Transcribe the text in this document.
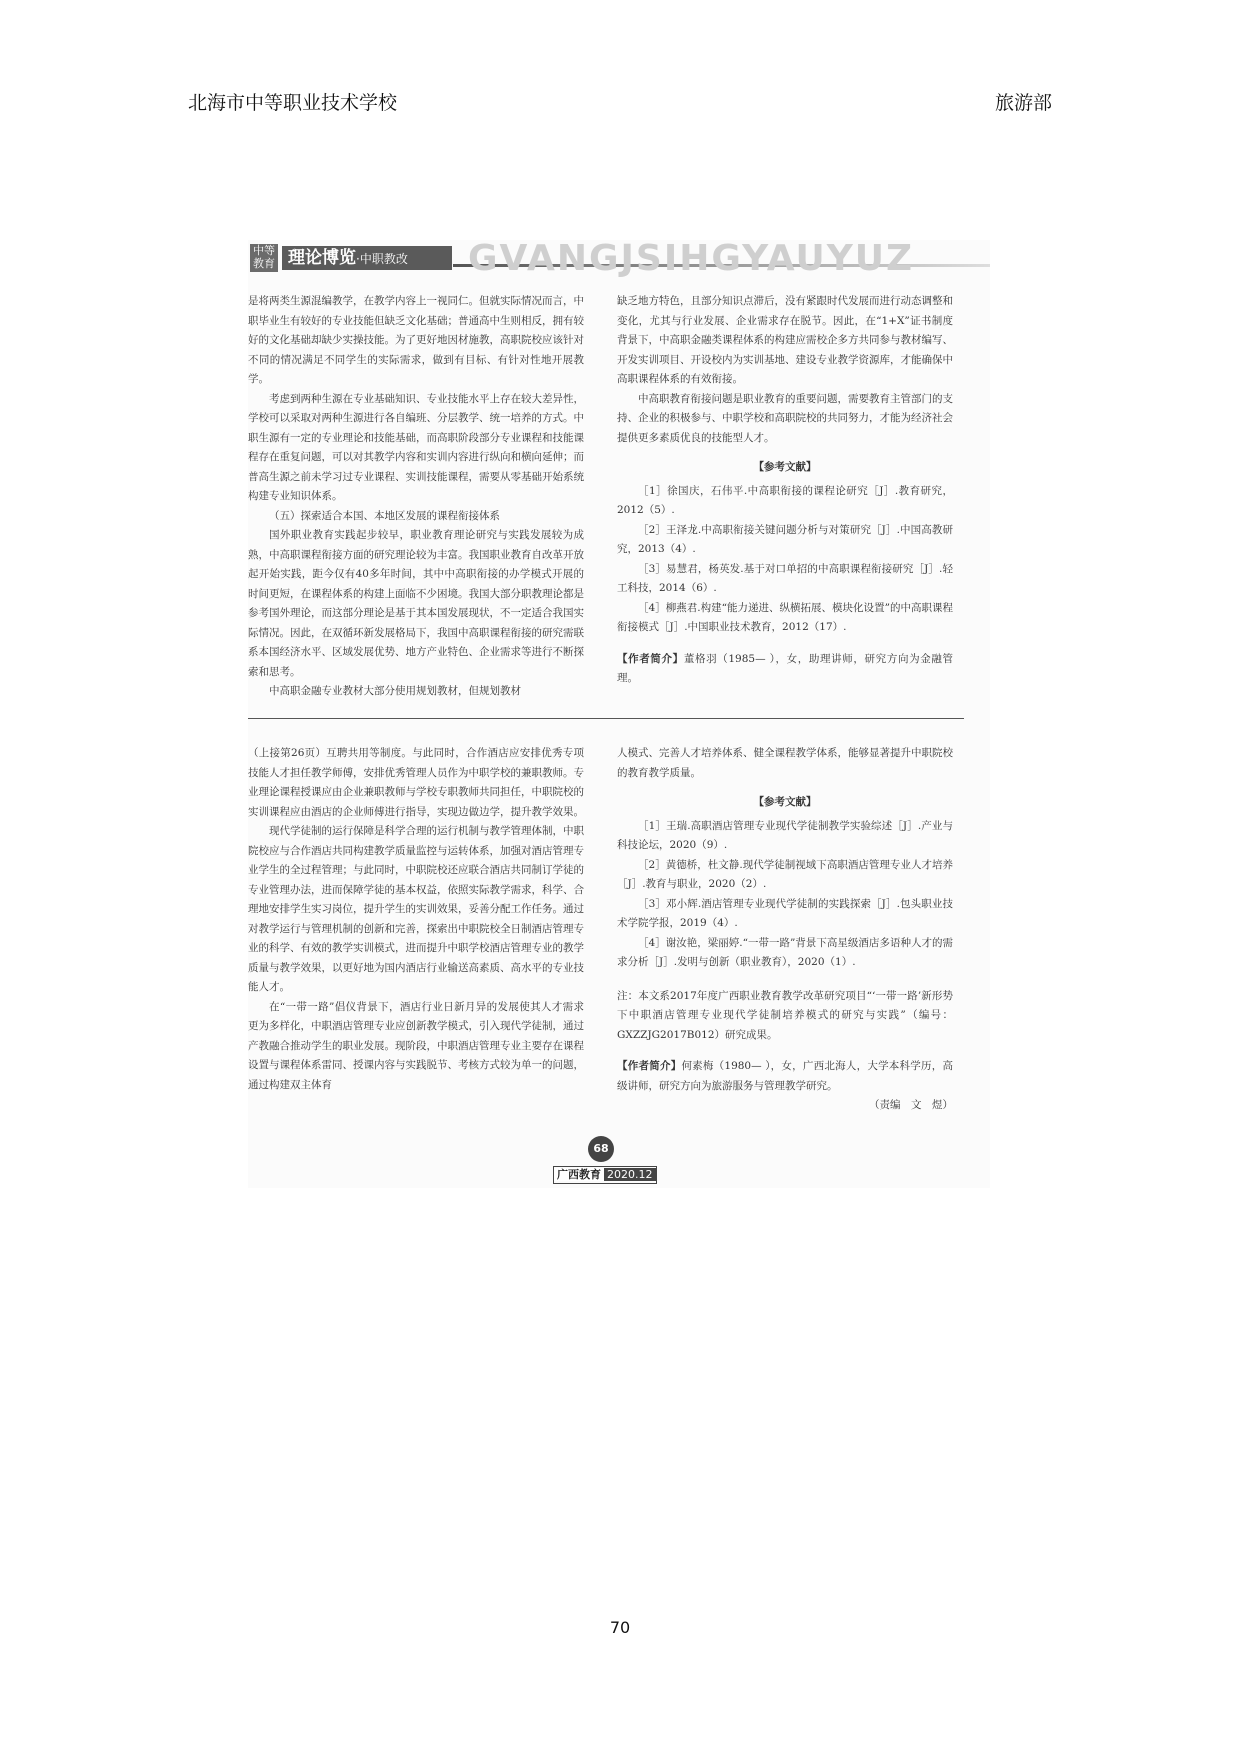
北海市中等职业技术学校	旅游部
中等 教育 理论博览·中职教改	GVANGJSIHGYAUYUZ

是将两类生源混编教学，在教学内容上一视同仁。但就实际情况而言，中职毕业生有较好的专业技能但缺乏文化基础；普通高中生则相反，拥有较好的文化基础却缺少实操技能。为了更好地因材施教，高职院校应该针对不同的情况满足不同学生的实际需求，做到有目标、有针对性地开展教学。

考虑到两种生源在专业基础知识、专业技能水平上存在较大差异性，学校可以采取对两种生源进行各自编班、分层教学、统一培养的方式。中职生源有一定的专业理论和技能基础，而高职阶段部分专业课程和技能课程存在重复问题，可以对其教学内容和实训内容进行纵向和横向延伸；而普高生源之前未学习过专业课程、实训技能课程，需要从零基础开始系统构建专业知识体系。

（五）探索适合本国、本地区发展的课程衔接体系

国外职业教育实践起步较早，职业教育理论研究与实践发展较为成熟，中高职课程衔接方面的研究理论较为丰富。我国职业教育自改革开放起开始实践，距今仅有40多年时间，其中中高职衔接的办学模式开展的时间更短，在课程体系的构建上面临不少困境。我国大部分职教理论都是参考国外理论，而这部分理论是基于其本国发展现状，不一定适合我国实际情况。因此，在双循环新发展格局下，我国中高职课程衔接的研究需联系本国经济水平、区域发展优势、地方产业特色、企业需求等进行不断探索和思考。

中高职金融专业教材大部分使用规划教材，但规划教材

缺乏地方特色，且部分知识点滞后，没有紧跟时代发展而进行动态调整和变化，尤其与行业发展、企业需求存在脱节。因此，在“1+X”证书制度背景下，中高职金融类课程体系的构建应需校企多方共同参与教材编写、开发实训项目、开设校内为实训基地、建设专业教学资源库，才能确保中高职课程体系的有效衔接。

中高职教育衔接问题是职业教育的重要问题，需要教育主管部门的支持、企业的积极参与、中职学校和高职院校的共同努力，才能为经济社会提供更多素质优良的技能型人才。

【参考文献】

［1］徐国庆，石伟平.中高职衔接的课程论研究［J］.教育研究，2012（5）.

［2］王泽龙.中高职衔接关键问题分析与对策研究［J］.中国高教研究，2013（4）.

［3］易慧君，杨英发.基于对口单招的中高职课程衔接研究［J］.轻工科技，2014（6）.

［4］柳燕君.构建“能力递进、纵横拓展、模块化设置”的中高职课程衔接模式［J］.中国职业技术教育，2012（17）.

【作者简介】董格羽（1985— ），女，助理讲师，研究方向为金融管理。

（上接第26页）互聘共用等制度。与此同时，合作酒店应安排优秀专项技能人才担任教学师傅，安排优秀管理人员作为中职学校的兼职教师。专业理论课程授课应由企业兼职教师与学校专职教师共同担任，中职院校的实训课程应由酒店的企业师傅进行指导，实现边做边学，提升教学效果。

现代学徒制的运行保障是科学合理的运行机制与教学管理体制，中职院校应与合作酒店共同构建教学质量监控与运转体系，加强对酒店管理专业学生的全过程管理；与此同时，中职院校还应联合酒店共同制订学徒的专业管理办法，进而保障学徒的基本权益，依照实际教学需求，科学、合理地安排学生实习岗位，提升学生的实训效果，妥善分配工作任务。通过对教学运行与管理机制的创新和完善，探索出中职院校全日制酒店管理专业的科学、有效的教学实训模式，进而提升中职学校酒店管理专业的教学质量与教学效果，以更好地为国内酒店行业输送高素质、高水平的专业技能人才。

在“一带一路”倡仪背景下，酒店行业日新月异的发展使其人才需求更为多样化，中职酒店管理专业应创新教学模式，引入现代学徒制，通过产教融合推动学生的职业发展。现阶段，中职酒店管理专业主要存在课程设置与课程体系雷同、授课内容与实践脱节、考核方式较为单一的问题，通过构建双主体育

人模式、完善人才培养体系、健全课程教学体系，能够显著提升中职院校的教育教学质量。

【参考文献】

［1］王瑞.高职酒店管理专业现代学徒制教学实验综述［J］.产业与科技论坛，2020（9）.

［2］黄德桥，杜文静.现代学徒制视域下高职酒店管理专业人才培养［J］.教育与职业，2020（2）.

［3］邓小辉.酒店管理专业现代学徒制的实践探索［J］.包头职业技术学院学报，2019（4）.

［4］谢汝艳，梁丽婷.“一带一路”背景下高星级酒店多语种人才的需求分析［J］.发明与创新（职业教育），2020（1）.

注：本文系2017年度广西职业教育教学改革研究项目“‘一带一路’新形势下中职酒店管理专业现代学徒制培养模式的研究与实践”（编号：GXZZJG2017B012）研究成果。

【作者简介】何素梅（1980— ），女，广西北海人，大学本科学历，高级讲师，研究方向为旅游服务与管理教学研究。

（责编　文　煜）

68
广西教育 2020.12
70
